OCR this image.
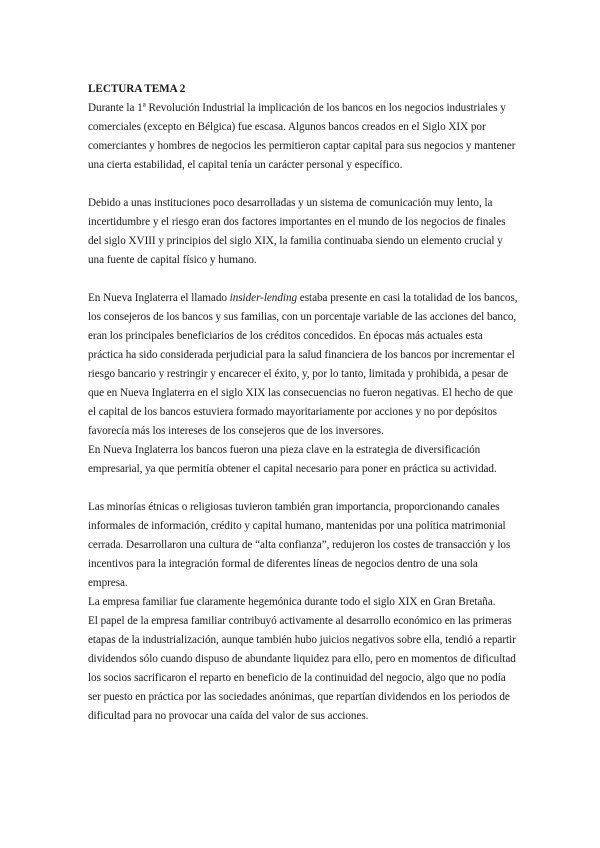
LECTURA TEMA 2

Durante la 1ª Revolución Industrial la implicación de los bancos en los negocios industriales y comerciales (excepto en Bélgica) fue escasa. Algunos bancos creados en el Siglo XIX por comerciantes y hombres de negocios les permitieron captar capital para sus negocios y mantener una cierta estabilidad, el capital tenía un carácter personal y específico.

Debido a unas instituciones poco desarrolladas y un sistema de comunicación muy lento, la incertidumbre y el riesgo eran dos factores importantes en el mundo de los negocios de finales del siglo XVIII y principios del siglo XIX, la familia continuaba siendo un elemento crucial y una fuente de capital físico y humano.

En Nueva Inglaterra el llamado insider-lending estaba presente en casi la totalidad de los bancos, los consejeros de los bancos y sus familias, con un porcentaje variable de las acciones del banco, eran los principales beneficiarios de los créditos concedidos. En épocas más actuales esta práctica ha sido considerada perjudicial para la salud financiera de los bancos por incrementar el riesgo bancario y restringir y encarecer el éxito, y, por lo tanto, limitada y prohibida, a pesar de que en Nueva Inglaterra en el siglo XIX las consecuencias no fueron negativas. El hecho de que el capital de los bancos estuviera formado mayoritariamente por acciones y no por depósitos favorecía más los intereses de los consejeros que de los inversores.

En Nueva Inglaterra los bancos fueron una pieza clave en la estrategia de diversificación empresarial, ya que permitía obtener el capital necesario para poner en práctica su actividad.

Las minorías étnicas o religiosas tuvieron también gran importancia, proporcionando canales informales de información, crédito y capital humano, mantenidas por una política matrimonial cerrada. Desarrollaron una cultura de “alta confianza”, redujeron los costes de transacción y los incentivos para la integración formal de diferentes líneas de negocios dentro de una sola empresa.

La empresa familiar fue claramente hegemónica durante todo el siglo XIX en Gran Bretaña.

El papel de la empresa familiar contribuyó activamente al desarrollo económico en las primeras etapas de la industrialización, aunque también hubo juicios negativos sobre ella, tendió a repartir dividendos sólo cuando dispuso de abundante liquidez para ello, pero en momentos de dificultad los socios sacrificaron el reparto en beneficio de la continuidad del negocio, algo que no podía ser puesto en práctica por las sociedades anónimas, que repartían dividendos en los periodos de dificultad para no provocar una caída del valor de sus acciones.
